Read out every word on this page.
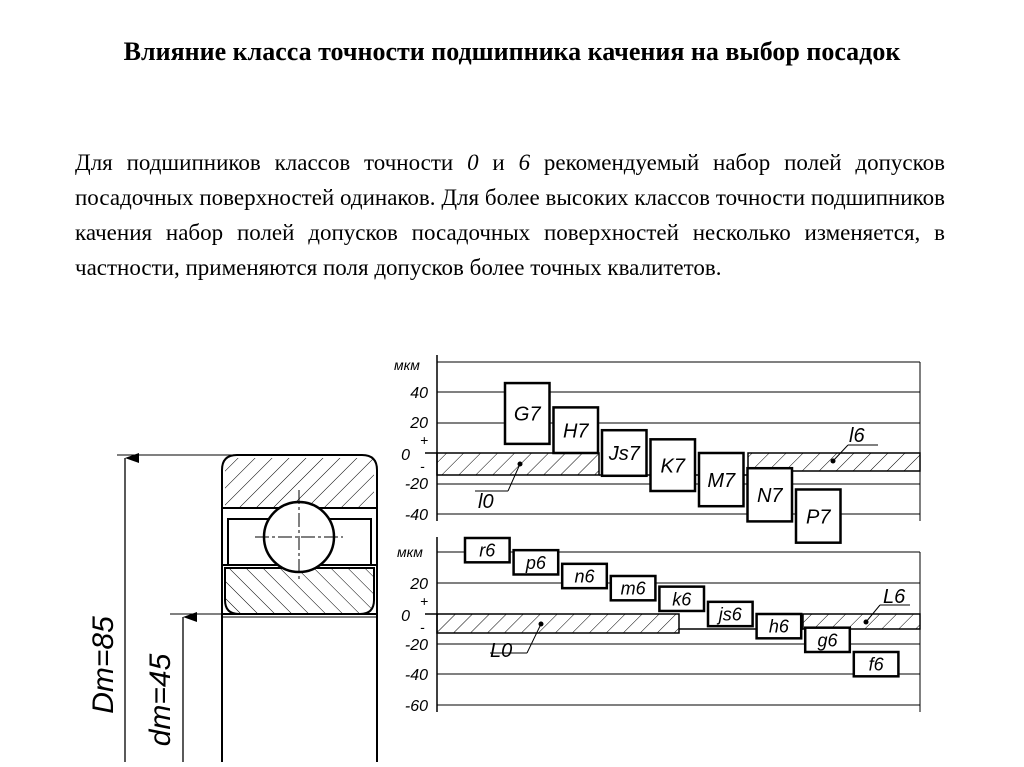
Влияние класса точности подшипника качения на выбор посадок

Для подшипников классов точности 0 и 6 рекомендуемый набор полей допусков посадочных поверхностей одинаков. Для более высоких классов точности подшипников качения набор полей допусков посадочных поверхностей несколько изменяется, в частности, применяются поля допусков более точных квалитетов.

Dm=85 dm=45
мкм
40
20
0
-20
-40
+
-
l0
l6
G7
H7
Js7
K7
M7
N7
P7
мкм
20
0
-20
-40
-60
+
-
L0
L6
r6
p6
n6
m6
k6
js6
h6
g6
f6
